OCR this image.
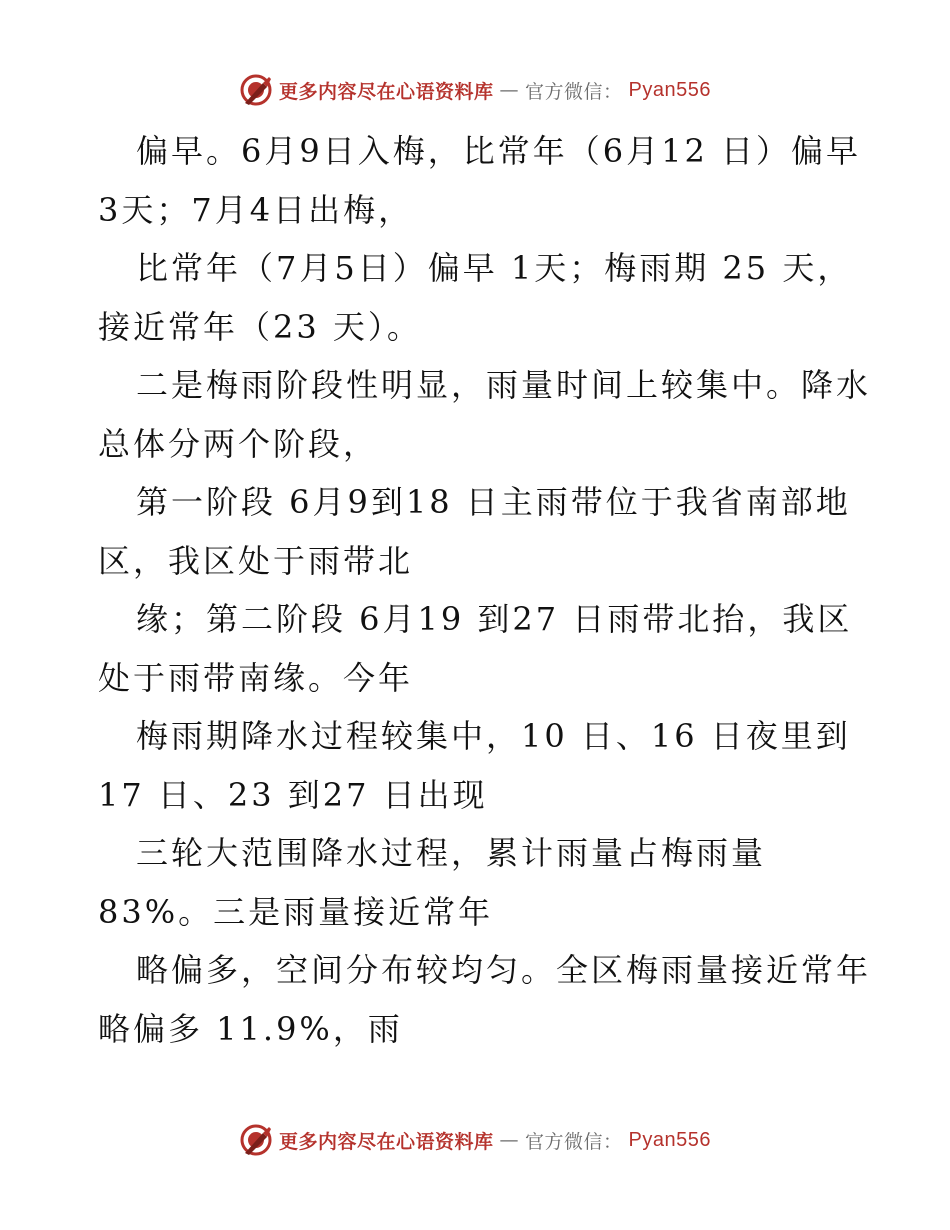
更多内容尽在心语资料库 — 官方微信： Pyan556
偏早。6月9日入梅，比常年（6月12 日）偏早
3天；7月4日出梅，
比常年（7月5日）偏早 1天；梅雨期 25 天，
接近常年（23 天）。
二是梅雨阶段性明显，雨量时间上较集中。降水
总体分两个阶段，
第一阶段 6月9到18 日主雨带位于我省南部地
区，我区处于雨带北
缘；第二阶段 6月19 到27 日雨带北抬，我区
处于雨带南缘。今年
梅雨期降水过程较集中，10 日、16 日夜里到
17 日、23 到27 日出现
三轮大范围降水过程，累计雨量占梅雨量
83%。三是雨量接近常年
略偏多，空间分布较均匀。全区梅雨量接近常年
略偏多 11.9%，雨
更多内容尽在心语资料库 — 官方微信： Pyan556
